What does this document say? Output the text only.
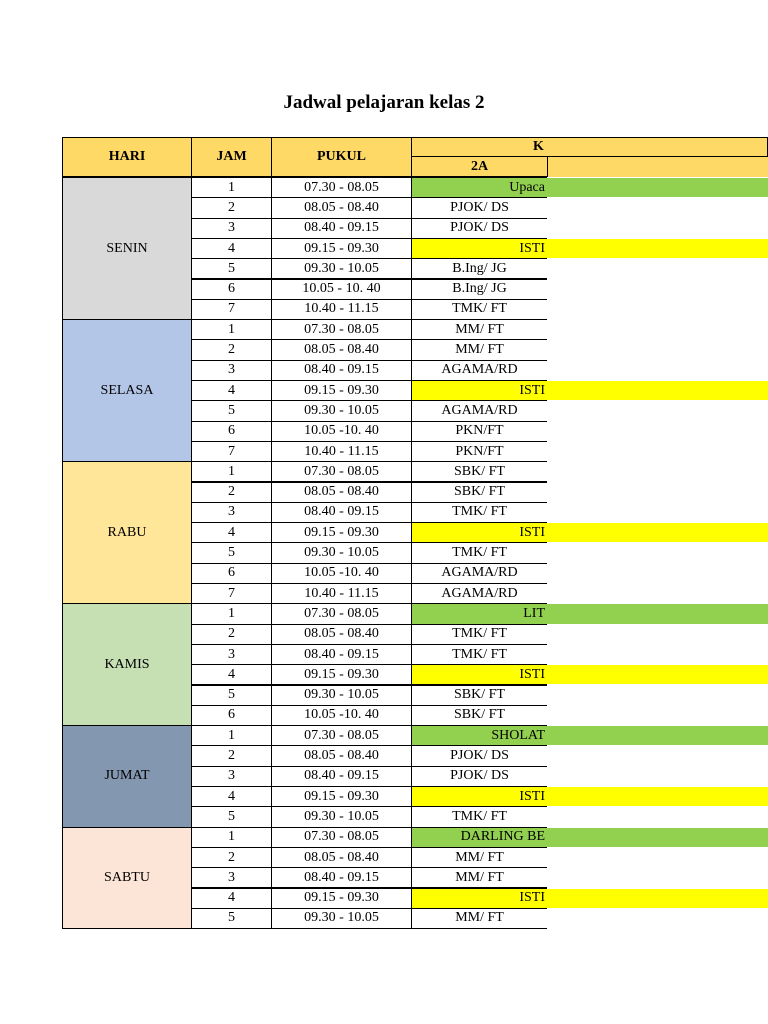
Jadwal pelajaran kelas 2
HARI	JAM	PUKUL
K
2A
SENIN
1	07.30 - 08.05	Upaca
2	08.05 - 08.40	PJOK/ DS
3	08.40 - 09.15	PJOK/ DS
4	09.15 - 09.30	ISTI
5	09.30 - 10.05	B.Ing/ JG
6	10.05 - 10. 40	B.Ing/ JG
7	10.40 - 11.15	TMK/ FT
SELASA
1	07.30 - 08.05	MM/ FT
2	08.05 - 08.40	MM/ FT
3	08.40 - 09.15	AGAMA/RD
4	09.15 - 09.30	ISTI
5	09.30 - 10.05	AGAMA/RD
6	10.05 -10. 40	PKN/FT
7	10.40 - 11.15	PKN/FT
RABU
1	07.30 - 08.05	SBK/ FT
2	08.05 - 08.40	SBK/ FT
3	08.40 - 09.15	TMK/ FT
4	09.15 - 09.30	ISTI
5	09.30 - 10.05	TMK/ FT
6	10.05 -10. 40	AGAMA/RD
7	10.40 - 11.15	AGAMA/RD
KAMIS
1	07.30 - 08.05	LIT
2	08.05 - 08.40	TMK/ FT
3	08.40 - 09.15	TMK/ FT
4	09.15 - 09.30	ISTI
5	09.30 - 10.05	SBK/ FT
6	10.05 -10. 40	SBK/ FT
JUMAT
1	07.30 - 08.05	SHOLAT
2	08.05 - 08.40	PJOK/ DS
3	08.40 - 09.15	PJOK/ DS
4	09.15 - 09.30	ISTI
5	09.30 - 10.05	TMK/ FT
SABTU
1	07.30 - 08.05	DARLING BE
2	08.05 - 08.40	MM/ FT
3	08.40 - 09.15	MM/ FT
4	09.15 - 09.30	ISTI
5	09.30 - 10.05	MM/ FT
